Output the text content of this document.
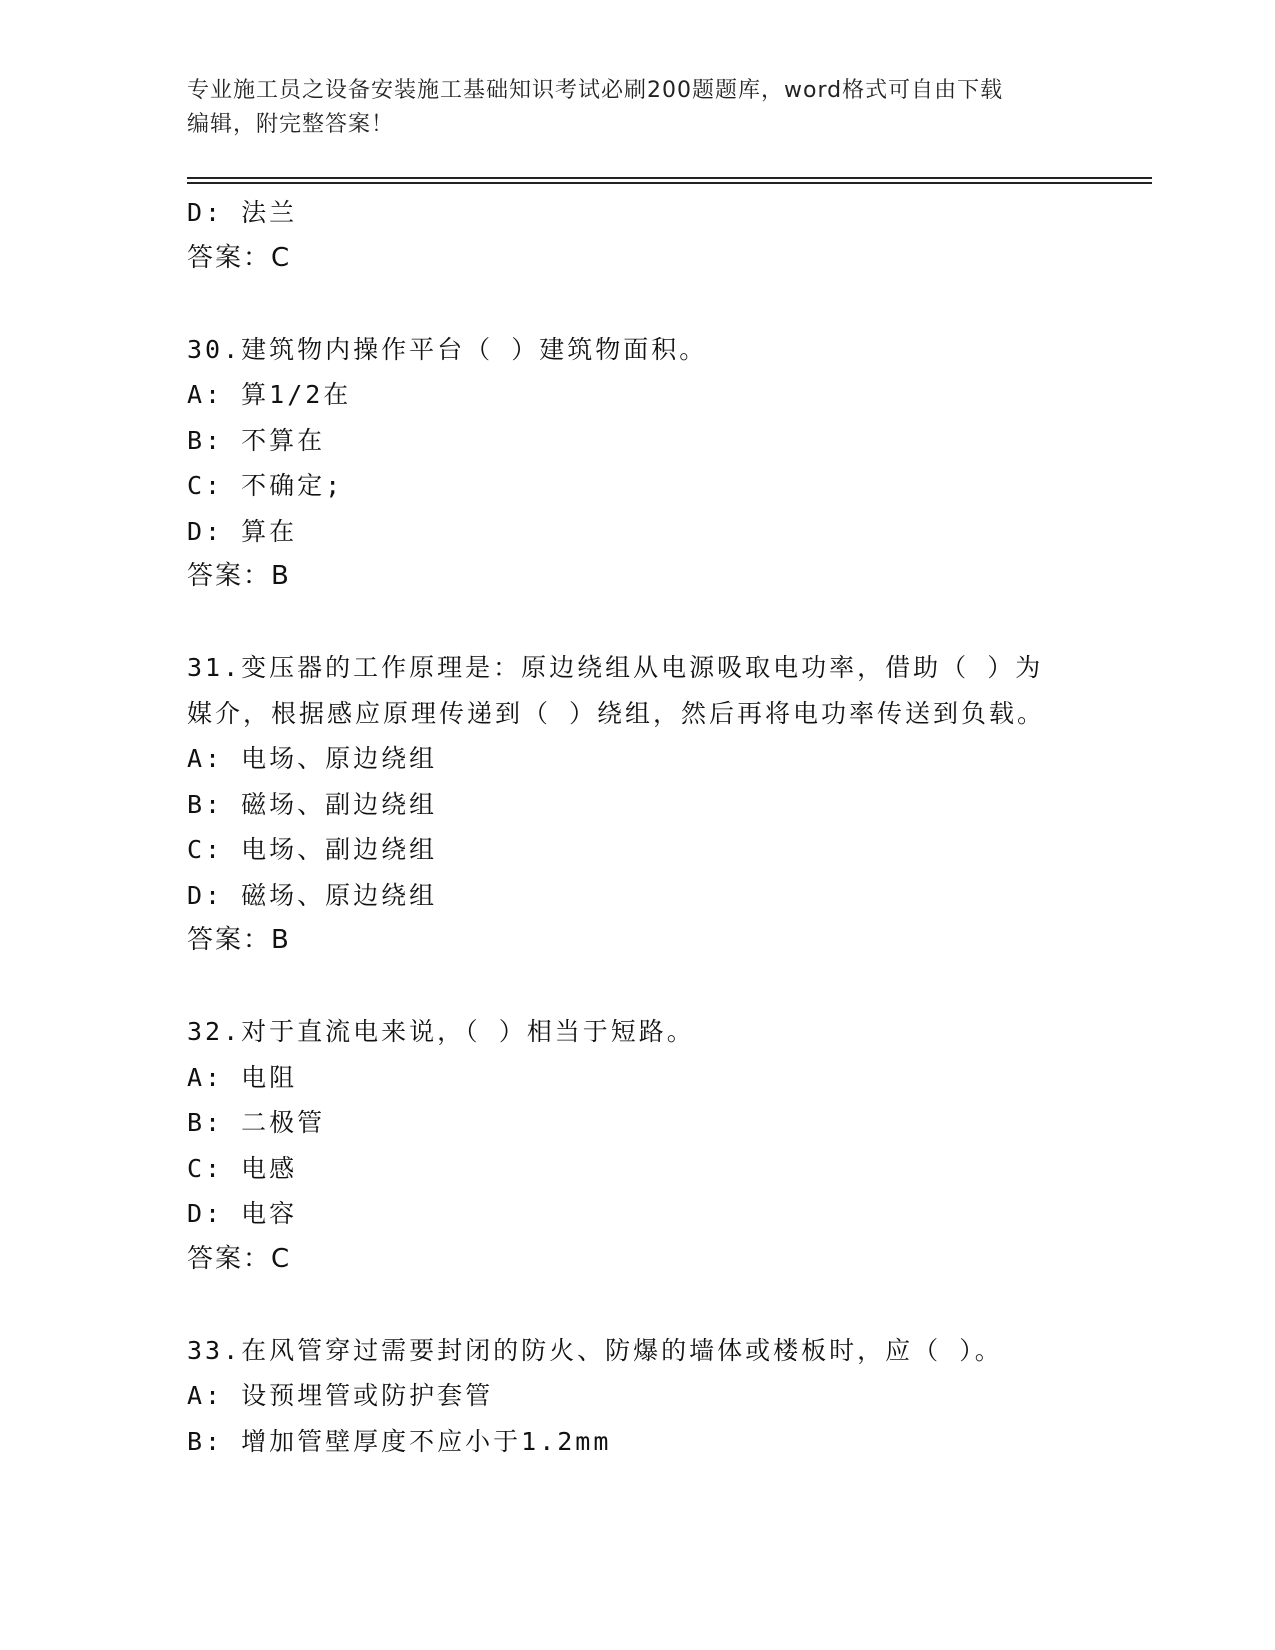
专业施工员之设备安装施工基础知识考试必刷200题题库，word格式可自由下载
编辑，附完整答案！
D: 法兰
答案：C
30.建筑物内操作平台（ ）建筑物面积。
A: 算1/2在
B: 不算在
C: 不确定;
D: 算在
答案：B
31.变压器的工作原理是：原边绕组从电源吸取电功率，借助（ ）为
媒介，根据感应原理传递到（ ）绕组，然后再将电功率传送到负载。
A: 电场、原边绕组
B: 磁场、副边绕组
C: 电场、副边绕组
D: 磁场、原边绕组
答案：B
32.对于直流电来说，（ ）相当于短路。
A: 电阻
B: 二极管
C: 电感
D: 电容
答案：C
33.在风管穿过需要封闭的防火、防爆的墙体或楼板时，应（ ）。
A: 设预埋管或防护套管
B: 增加管壁厚度不应小于1.2mm
